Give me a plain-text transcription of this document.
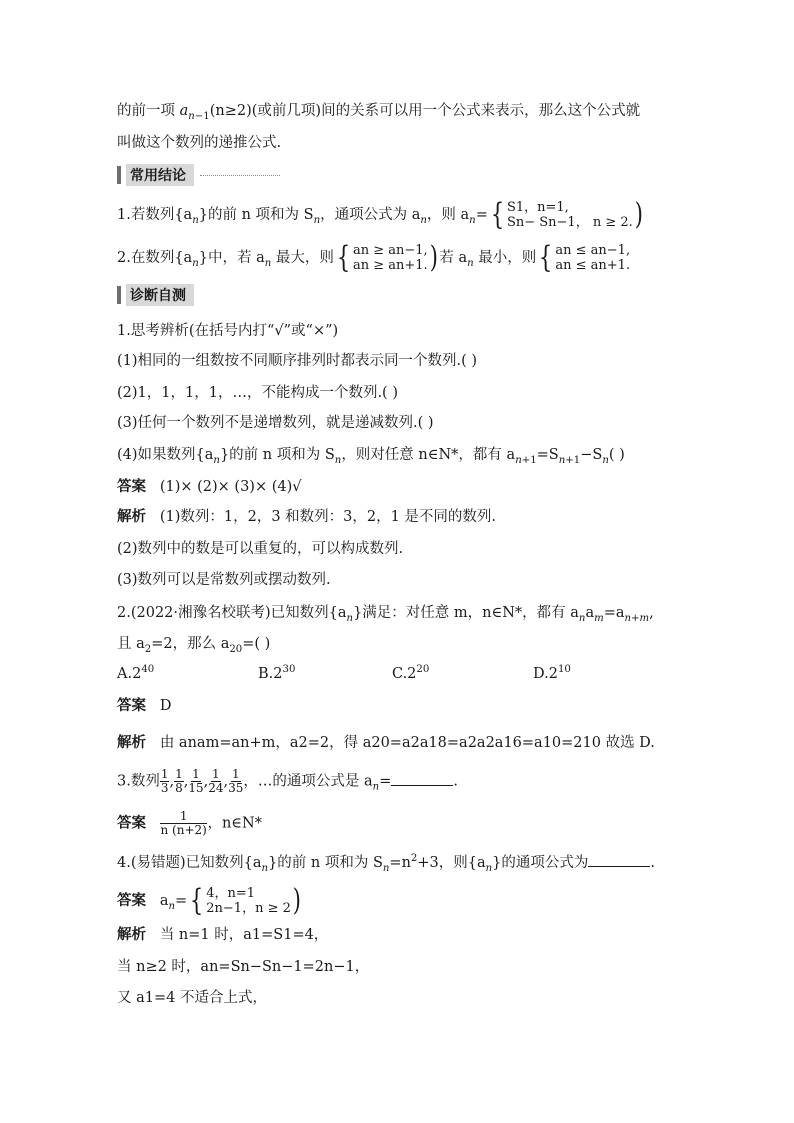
的前一项 $a_{n-1}(n\ge 2)$(或前几项)间的关系可以用一个公式来表示，那么这个公式就
叫做这个数列的递推公式.
常用结论
1.若数列$\{a_n\}$的前 n 项和为 $S_n$，通项公式为 $a_n$，则 $a_n=${ S1，n=1,
Sn− Sn−1， n ≥ 2. )
2.在数列$\{a_n\}$中，若 $a_n$ 最大，则{ an ≥ an−1,
an ≥ an+1. ) 若 $a_n$ 最小，则{ an ≤ an−1,
an ≤ an+1.
诊断自测
1.思考辨析(在括号内打“√”或“×”)
(1)相同的一组数按不同顺序排列时都表示同一个数列.( )
(2)1，1，1，1，…，不能构成一个数列.( )
(3)任何一个数列不是递增数列，就是递减数列.( )
(4)如果数列$\{a_n\}$的前 n 项和为 $S_n$，则对任意 n∈N*，都有 $a_{n+1}=S_{n+1}-S_n$( )
答案 (1)× (2)× (3)× (4)√
解析 (1)数列：1，2，3 和数列：3，2，1 是不同的数列.
(2)数列中的数是可以重复的，可以构成数列.
(3)数列可以是常数列或摆动数列.
2.(2022·湘豫名校联考)已知数列$\{a_n\}$满足：对任意 m，n∈N*，都有 $a_na_m=a_{n+m}$,
且 $a_2=2$，那么 $a_{20}=$( )
$A.2^{40}$	$B.2^{30}$	$C.2^{20}$	$D.2^{10}$
答案 D
解析 由 anam=an+m，a2=2，得 a20=a2a18=a2a2a16=a10=210 故选 D.
3.数列 $\frac{1}{3}$ , $\frac{1}{8}$ , $\frac{1}{15}$ , $\frac{1}{24}$ , $\frac{1}{35}$ ，…的通项公式是 $a_n=$	.
答案 $\frac{1}{n (n+2)}$ ，n∈N*
4.(易错题)已知数列$\{a_n\}$的前 n 项和为 $S_n=n^2+3$，则$\{a_n\}$的通项公式为	.
答案 $a_n=${ 4，n=1
2n−1，n ≥ 2 )
解析 当 n=1 时，a1=S1=4，
当 n≥2 时，an=Sn−Sn−1=2n−1，
又 a1=4 不适合上式，
